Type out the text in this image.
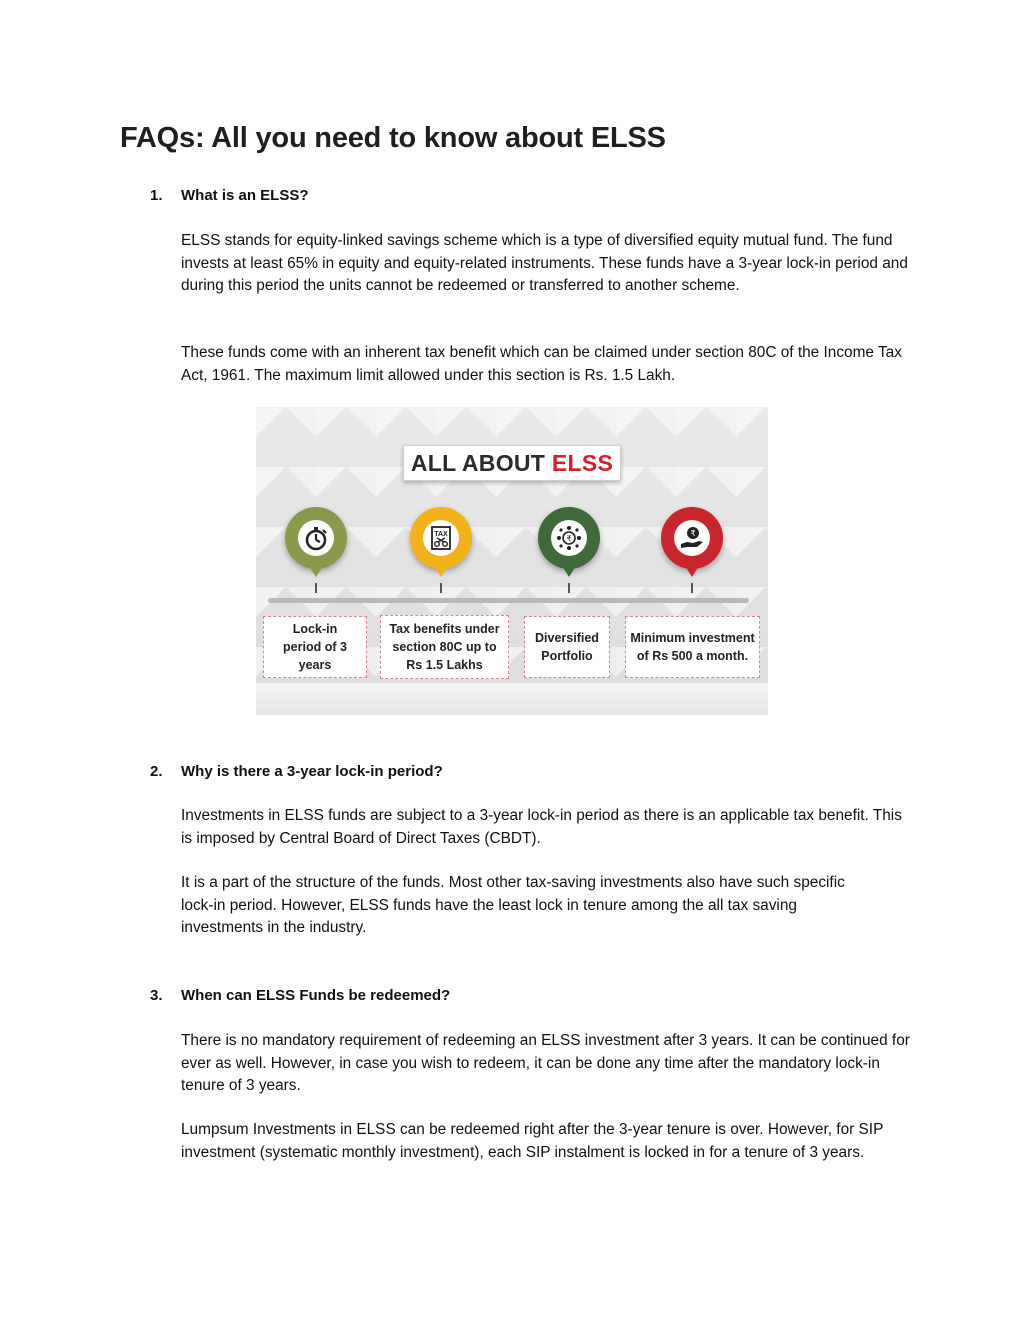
FAQs: All you need to know about ELSS
1. What is an ELSS?

ELSS stands for equity-linked savings scheme which is a type of diversified equity mutual fund. The fund invests at least 65% in equity and equity-related instruments. These funds have a 3-year lock-in period and during this period the units cannot be redeemed or transferred to another scheme.

These funds come with an inherent tax benefit which can be claimed under section 80C of the Income Tax Act, 1961. The maximum limit allowed under this section is Rs. 1.5 Lakh.

ALL ABOUT ELSS
TAX	₹
₹
Lock-in period of 3 years
Tax benefits under section 80C up to Rs 1.5 Lakhs
Diversified Portfolio
Minimum investment of Rs 500 a month.
2. Why is there a 3-year lock-in period?

Investments in ELSS funds are subject to a 3-year lock-in period as there is an applicable tax benefit. This is imposed by Central Board of Direct Taxes (CBDT).

It is a part of the structure of the funds. Most other tax-saving investments also have such specific lock-in period. However, ELSS funds have the least lock in tenure among the all tax saving investments in the industry.

3. When can ELSS Funds be redeemed?

There is no mandatory requirement of redeeming an ELSS investment after 3 years. It can be continued for ever as well. However, in case you wish to redeem, it can be done any time after the mandatory lock-in tenure of 3 years.

Lumpsum Investments in ELSS can be redeemed right after the 3-year tenure is over. However, for SIP investment (systematic monthly investment), each SIP instalment is locked in for a tenure of 3 years.
